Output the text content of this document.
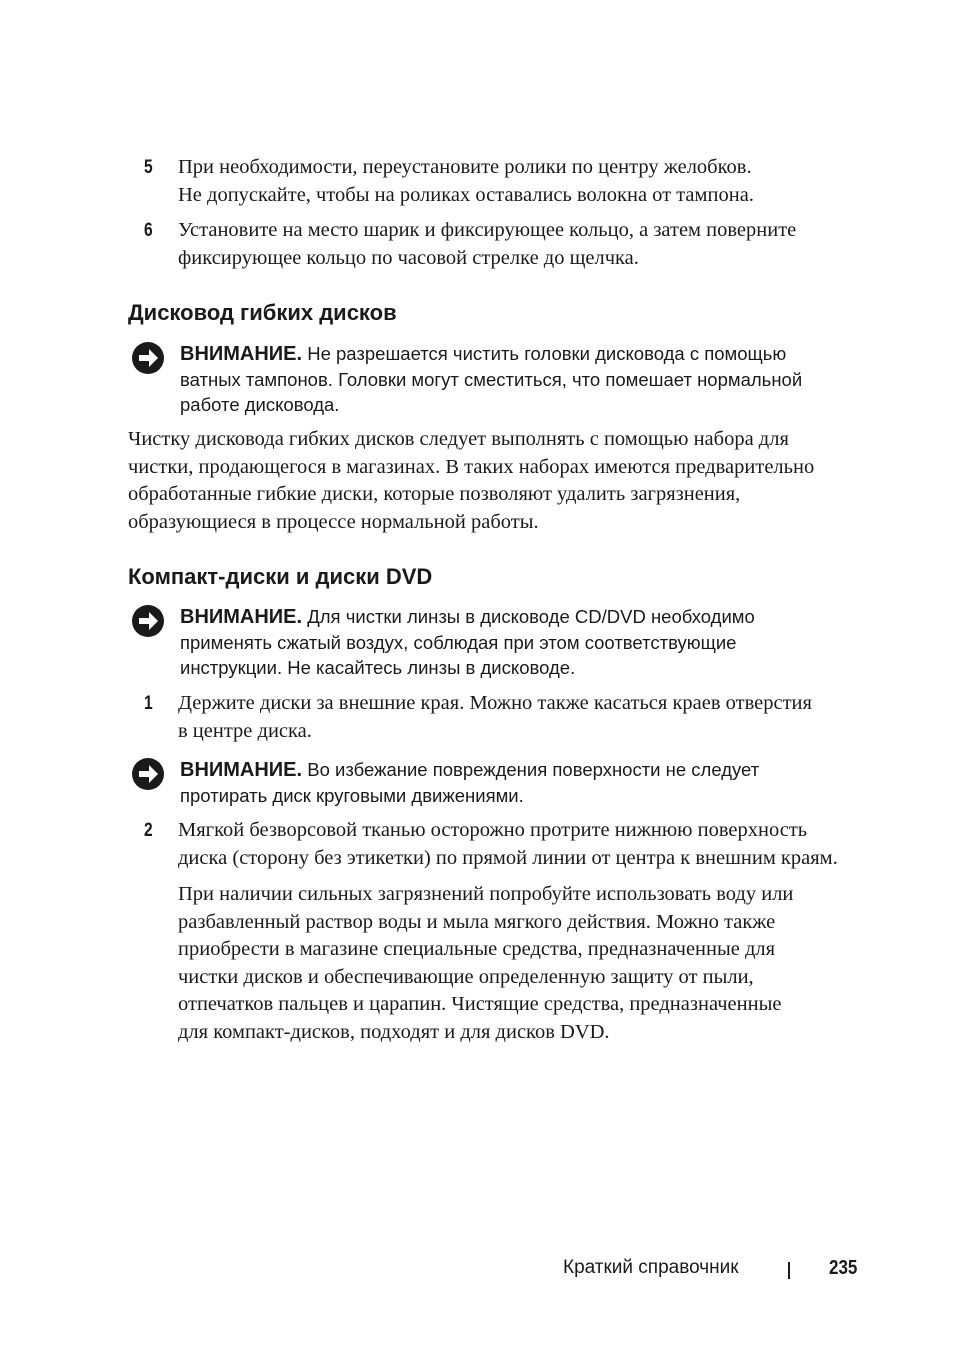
5 При необходимости, переустановите ролики по центру желобков.
Не допускайте, чтобы на роликах оставались волокна от тампона.
6 Установите на место шарик и фиксирующее кольцо, а затем поверните
фиксирующее кольцо по часовой стрелке до щелчка.
Дисковод гибких дисков
ВНИМАНИЕ. Не разрешается чистить головки дисковода с помощью
ватных тампонов. Головки могут сместиться, что помешает нормальной
работе дисковода.
Чистку дисковода гибких дисков следует выполнять с помощью набора для
чистки, продающегося в магазинах. В таких наборах имеются предварительно
обработанные гибкие диски, которые позволяют удалить загрязнения,
образующиеся в процессе нормальной работы.
Компакт-диски и диски DVD
ВНИМАНИЕ. Для чистки линзы в дисководе CD/DVD необходимо
применять сжатый воздух, соблюдая при этом соответствующие
инструкции. Не касайтесь линзы в дисководе.
1 Держите диски за внешние края. Можно также касаться краев отверстия
в центре диска.
ВНИМАНИЕ. Во избежание повреждения поверхности не следует
протирать диск круговыми движениями.
2 Мягкой безворсовой тканью осторожно протрите нижнюю поверхность
диска (сторону без этикетки) по прямой линии от центра к внешним краям.
При наличии сильных загрязнений попробуйте использовать воду или
разбавленный раствор воды и мыла мягкого действия. Можно также
приобрести в магазине специальные средства, предназначенные для
чистки дисков и обеспечивающие определенную защиту от пыли,
отпечатков пальцев и царапин. Чистящие средства, предназначенные
для компакт-дисков, подходят и для дисков DVD.
Краткий справочник	235
